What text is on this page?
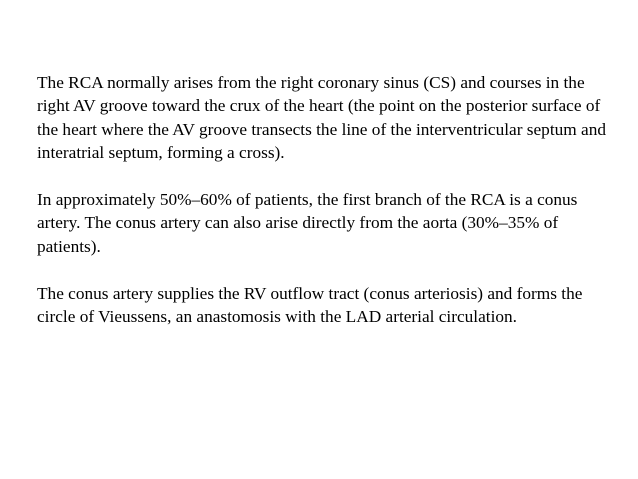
The RCA normally arises from the right coronary sinus (CS) and courses in the right AV groove toward the crux of the heart (the point on the posterior surface of the heart where the AV groove transects the line of the interventricular septum and interatrial septum, forming a cross).

In approximately 50%–60% of patients, the first branch of the RCA is a conus artery. The conus artery can also arise directly from the aorta (30%–35% of patients).

The conus artery supplies the RV outflow tract (conus arteriosis) and forms the circle of Vieussens, an anastomosis with the LAD arterial circulation.
